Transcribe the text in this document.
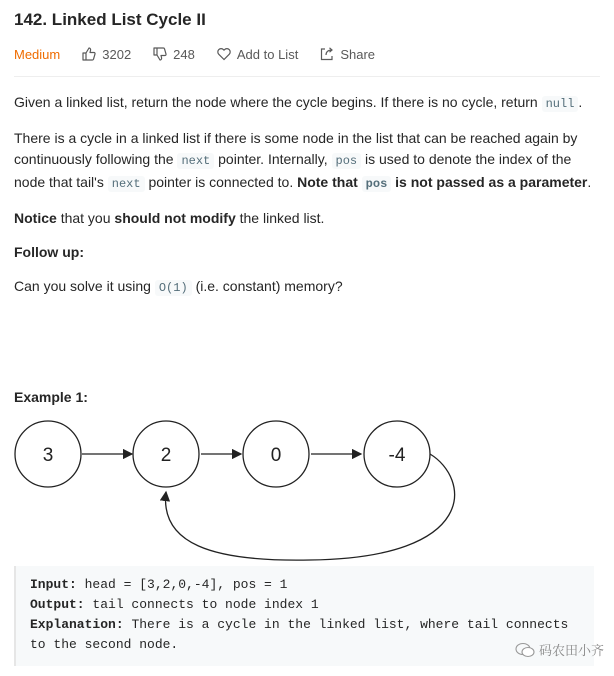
142. Linked List Cycle II
Medium	3202	248	Add to List	Share

Given a linked list, return the node where the cycle begins. If there is no cycle, return null .

There is a cycle in a linked list if there is some node in the list that can be reached again by continuously following the next pointer. Internally, pos is used to denote the index of the node that tail's next pointer is connected to. Note that pos is not passed as a parameter.

Notice that you should not modify the linked list.

Follow up:

Can you solve it using O(1) (i.e. constant) memory?

Example 1:
3	2	0	-4
Input: head = [3,2,0,-4], pos = 1
Output: tail connects to node index 1
Explanation: There is a cycle in the linked list, where tail connects
to the second node.	码农田小齐
